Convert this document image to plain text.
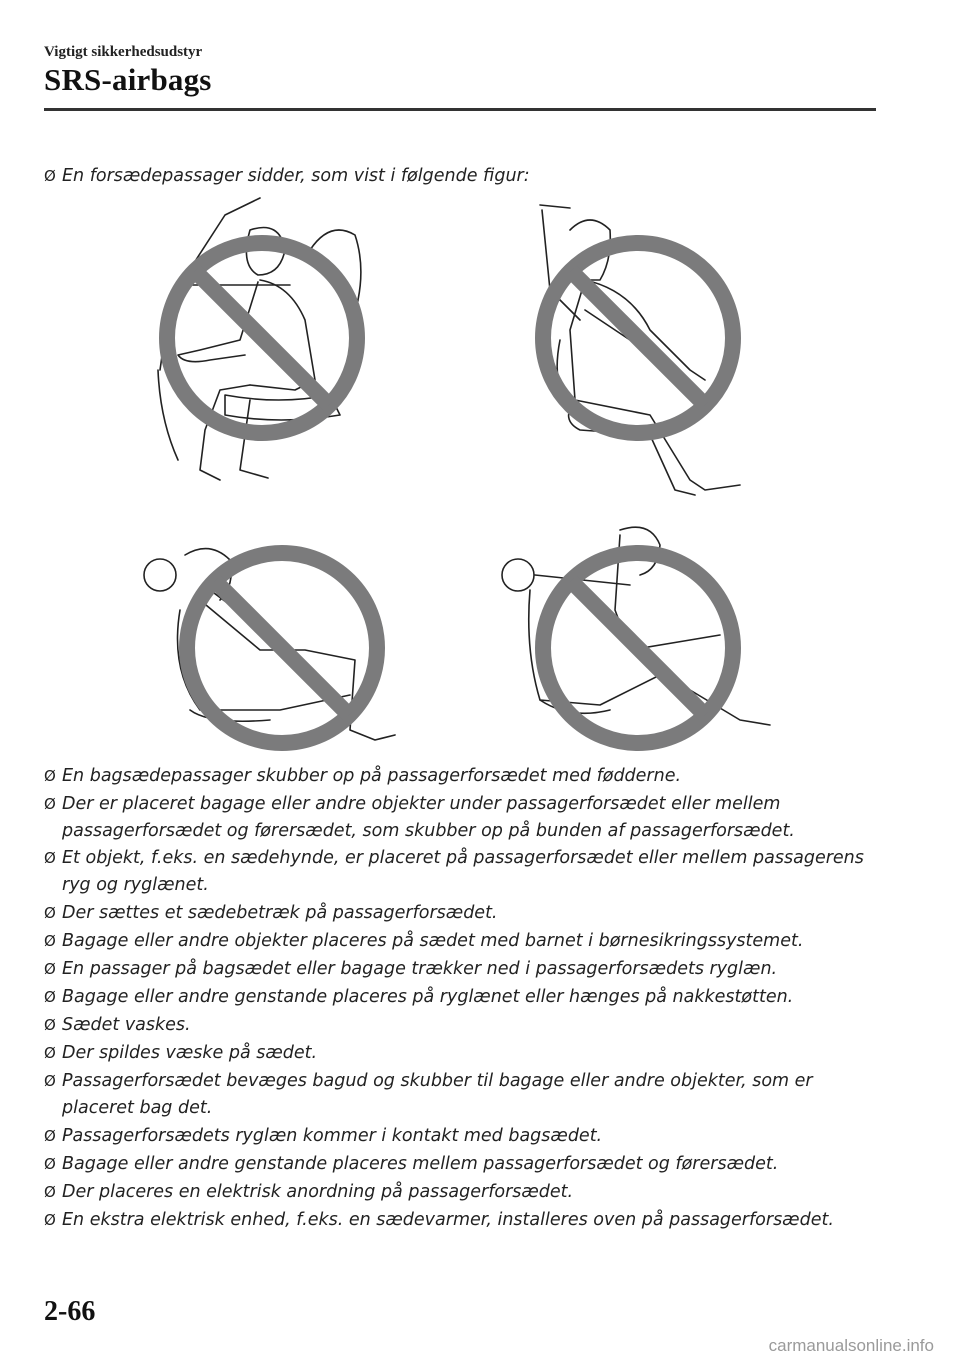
Vigtigt sikkerhedsudstyr
SRS-airbags
Ø En forsædepassager sidder, som vist i følgende figur:
Ø En bagsædepassager skubber op på passagerforsædet med fødderne.
Ø Der er placeret bagage eller andre objekter under passagerforsædet eller mellem passagerforsædet og førersædet, som skubber op på bunden af passagerforsædet.
Ø Et objekt, f.eks. en sædehynde, er placeret på passagerforsædet eller mellem passagerens ryg og ryglænet.
Ø Der sættes et sædebetræk på passagerforsædet.
Ø Bagage eller andre objekter placeres på sædet med barnet i børnesikringssystemet.
Ø En passager på bagsædet eller bagage trækker ned i passagerforsædets ryglæn.
Ø Bagage eller andre genstande placeres på ryglænet eller hænges på nakkestøtten.
Ø Sædet vaskes.
Ø Der spildes væske på sædet.
Ø Passagerforsædet bevæges bagud og skubber til bagage eller andre objekter, som er placeret bag det.
Ø Passagerforsædets ryglæn kommer i kontakt med bagsædet.
Ø Bagage eller andre genstande placeres mellem passagerforsædet og førersædet.
Ø Der placeres en elektrisk anordning på passagerforsædet.
Ø En ekstra elektrisk enhed, f.eks. en sædevarmer, installeres oven på passagerforsædet.
2-66
carmanualsonline.info
